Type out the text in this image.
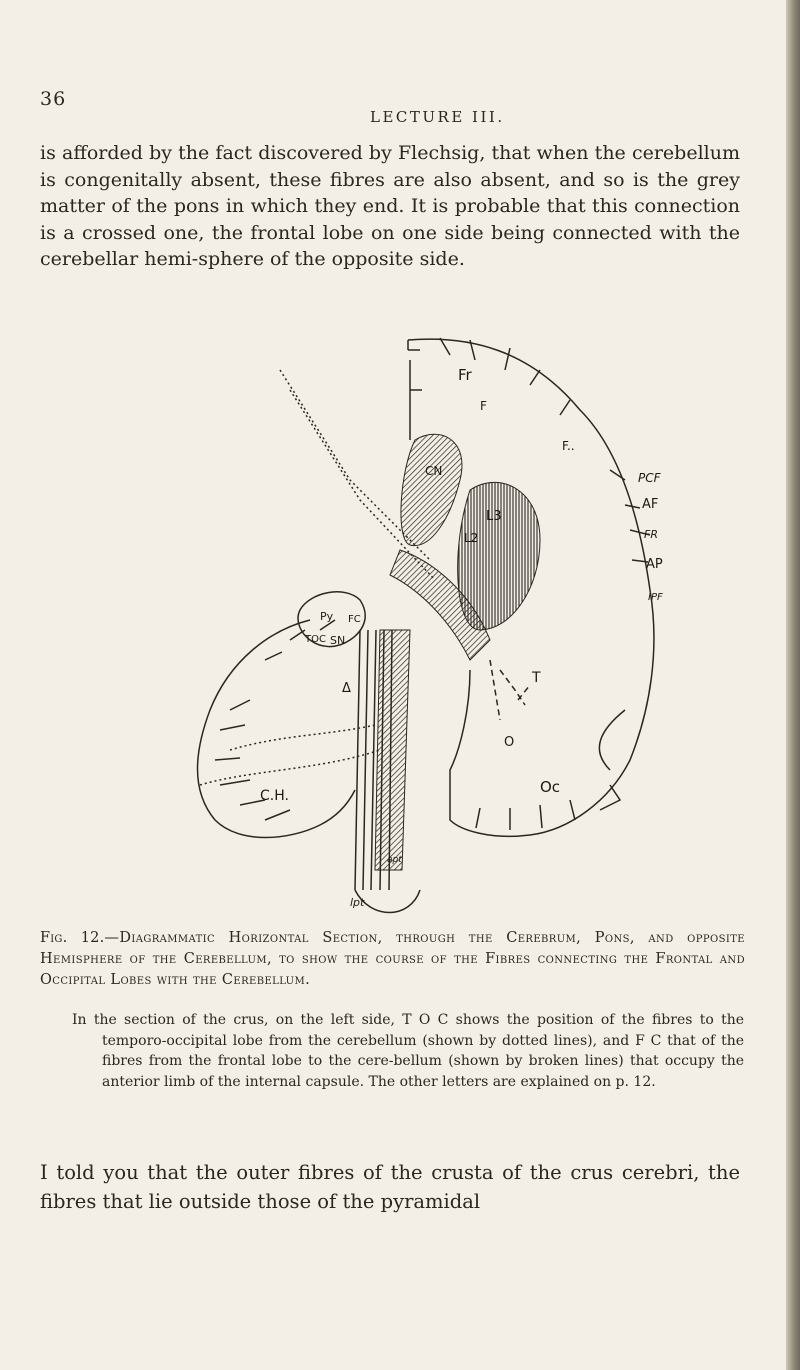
36
LECTURE III.

is afforded by the fact discovered by Flechsig, that when the cerebellum is congenitally absent, these fibres are also absent, and so is the grey matter of the pons in which they end. It is probable that this connection is a crossed one, the frontal lobe on one side being connected with the cerebellar hemi-sphere of the opposite side.

Fr
F
F..
CN	PCF
AF
FR
AP
IPF
L3
L2
Py FC
TOC SN
Δ
T
O
Oc
C.H.
apt
lpt

Fig. 12.—Diagrammatic Horizontal Section, through the Cerebrum, Pons, and opposite Hemisphere of the Cerebellum, to show the course of the Fibres connecting the Frontal and Occipital Lobes with the Cerebellum.

In the section of the crus, on the left side, T O C shows the position of the fibres to the temporo-occipital lobe from the cerebellum (shown by dotted lines), and F C that of the fibres from the frontal lobe to the cere-bellum (shown by broken lines) that occupy the anterior limb of the internal capsule. The other letters are explained on p. 12.

I told you that the outer fibres of the crusta of the crus cerebri, the fibres that lie outside those of the pyramidal
